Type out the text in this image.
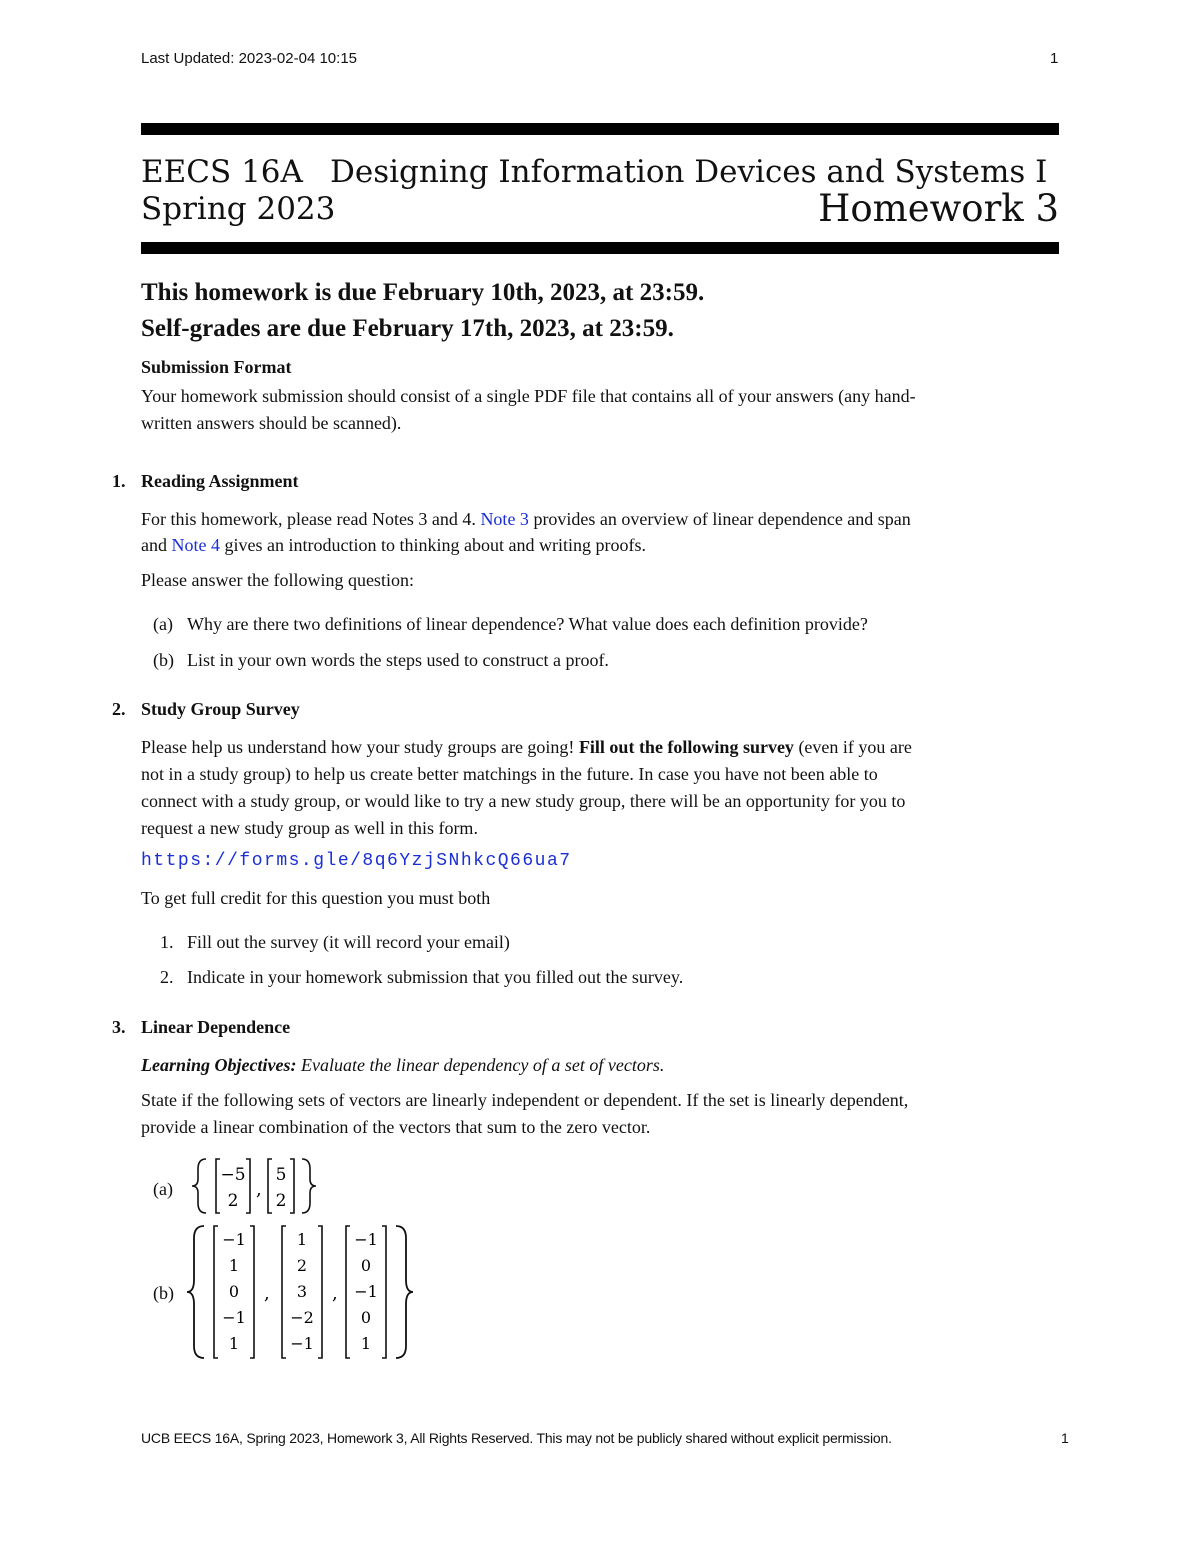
Last Updated: 2023-02-04 10:15	1
EECS 16A Designing Information Devices and Systems I
Spring 2023	Homework 3
This homework is due February 10th, 2023, at 23:59.
Self-grades are due February 17th, 2023, at 23:59.
Submission Format
Your homework submission should consist of a single PDF file that contains all of your answers (any hand-
written answers should be scanned).
1. Reading Assignment
For this homework, please read Notes 3 and 4. Note 3 provides an overview of linear dependence and span
and Note 4 gives an introduction to thinking about and writing proofs.
Please answer the following question:
(a) Why are there two definitions of linear dependence? What value does each definition provide?
(b) List in your own words the steps used to construct a proof.
2. Study Group Survey
Please help us understand how your study groups are going! Fill out the following survey (even if you are
not in a study group) to help us create better matchings in the future. In case you have not been able to
connect with a study group, or would like to try a new study group, there will be an opportunity for you to
request a new study group as well in this form.
https://forms.gle/8q6YzjSNhkcQ66ua7
To get full credit for this question you must both
1. Fill out the survey (it will record your email)
2. Indicate in your homework submission that you filled out the survey.
3. Linear Dependence
Learning Objectives: Evaluate the linear dependency of a set of vectors.
State if the following sets of vectors are linearly independent or dependent. If the set is linearly dependent,
provide a linear combination of the vectors that sum to the zero vector.
(a)
−5
2
,
5
2
(b)
−1
1
0
−1
1
,
1
2
3
−2
−1
,
−1
0
−1
0
1
UCB EECS 16A, Spring 2023, Homework 3, All Rights Reserved. This may not be publicly shared without explicit permission.	1
